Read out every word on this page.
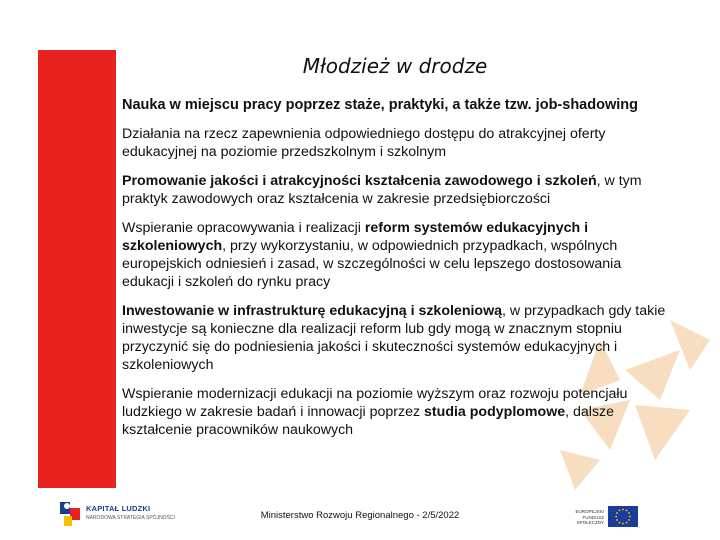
Młodzież w drodze

Nauka w miejscu pracy poprzez staże, praktyki, a także tzw. job-shadowing

Działania na rzecz zapewnienia odpowiedniego dostępu do atrakcyjnej oferty edukacyjnej na poziomie przedszkolnym i szkolnym

Promowanie jakości i atrakcyjności kształcenia zawodowego i szkoleń, w tym praktyk zawodowych oraz kształcenia w zakresie przedsiębiorczości

Wspieranie opracowywania i realizacji reform systemów edukacyjnych i szkoleniowych, przy wykorzystaniu, w odpowiednich przypadkach, wspólnych europejskich odniesień i zasad, w szczególności w celu lepszego dostosowania edukacji i szkoleń do rynku pracy

Inwestowanie w infrastrukturę edukacyjną i szkoleniową, w przypadkach gdy takie inwestycje są konieczne dla realizacji reform lub gdy mogą w znacznym stopniu przyczynić się do podniesienia jakości i skuteczności systemów edukacyjnych i szkoleniowych

Wspieranie modernizacji edukacji na poziomie wyższym oraz rozwoju potencjału ludzkiego w zakresie badań i innowacji poprzez studia podyplomowe, dalsze kształcenie pracowników naukowych

KAPITAŁ LUDZKI
NARODOWA STRATEGIA SPÓJNOŚCI	Ministerstwo Rozwoju Regionalnego - 2/5/2022	EUROPEJSKI FUNDUSZ SPOŁECZNY
